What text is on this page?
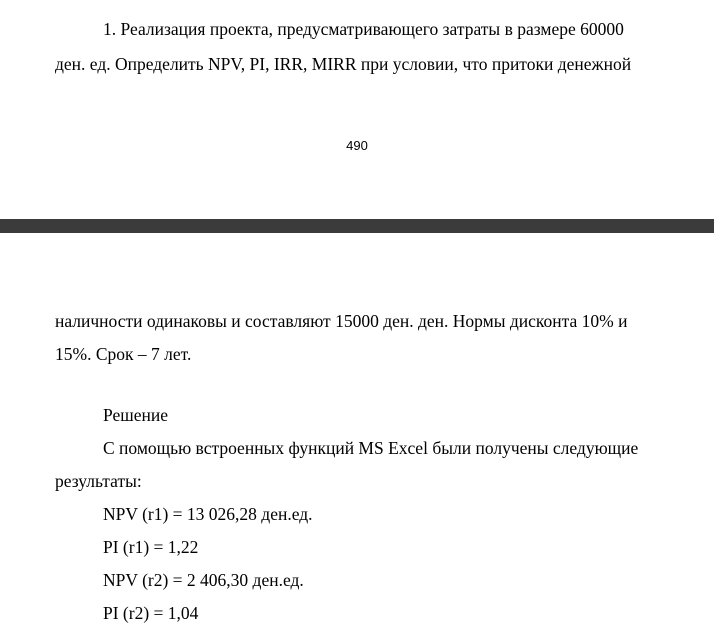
1. Реализация проекта, предусматривающего затраты в размере 60000
ден. ед. Определить NPV, PI, IRR, MIRR при условии, что притоки денежной
490
наличности одинаковы и составляют 15000 ден. ден. Нормы дисконта 10% и
15%. Срок – 7 лет.
Решение
С помощью встроенных функций MS Excel были получены следующие
результаты:
NPV (r1) = 13 026,28 ден.ед.
PI (r1) = 1,22
NPV (r2) = 2 406,30 ден.ед.
PI (r2) = 1,04
